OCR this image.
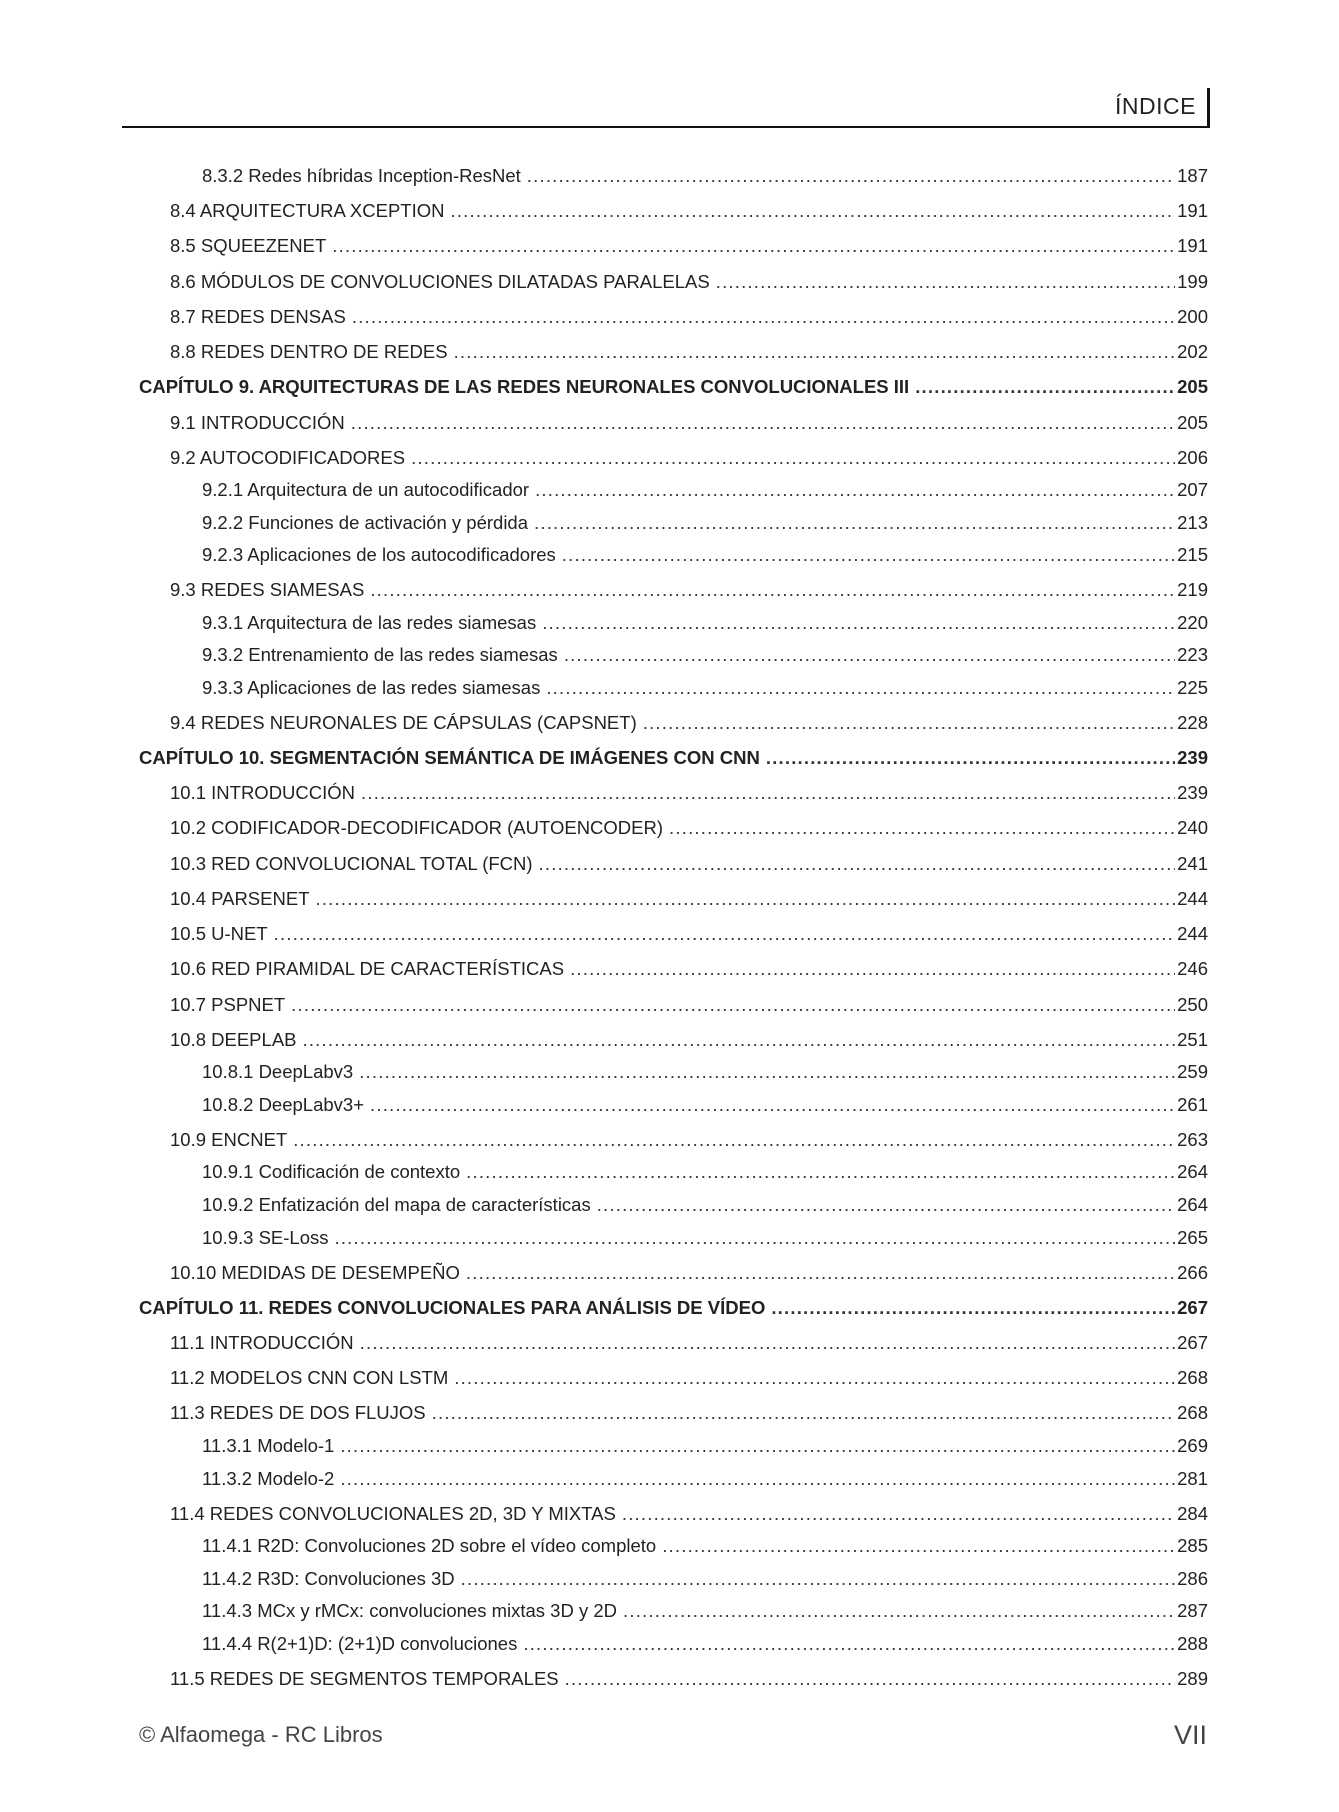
ÍNDICE
8.3.2 Redes híbridas Inception-ResNet .....	187
8.4 ARQUITECTURA XCEPTION .....	191
8.5 SQUEEZENET .....	191
8.6 MÓDULOS DE CONVOLUCIONES DILATADAS PARALELAS .....	199
8.7 REDES DENSAS .....	200
8.8 REDES DENTRO DE REDES .....	202
CAPÍTULO 9. ARQUITECTURAS DE LAS REDES NEURONALES CONVOLUCIONALES III .....	205
9.1 INTRODUCCIÓN .....	205
9.2 AUTOCODIFICADORES .....	206
9.2.1 Arquitectura de un autocodificador .....	207
9.2.2 Funciones de activación y pérdida .....	213
9.2.3 Aplicaciones de los autocodificadores .....	215
9.3 REDES SIAMESAS .....	219
9.3.1 Arquitectura de las redes siamesas .....	220
9.3.2 Entrenamiento de las redes siamesas .....	223
9.3.3 Aplicaciones de las redes siamesas .....	225
9.4 REDES NEURONALES DE CÁPSULAS (CAPSNET) .....	228
CAPÍTULO 10. SEGMENTACIÓN SEMÁNTICA DE IMÁGENES CON CNN .....	239
10.1 INTRODUCCIÓN .....	239
10.2 CODIFICADOR-DECODIFICADOR (AUTOENCODER) .....	240
10.3 RED CONVOLUCIONAL TOTAL (FCN) .....	241
10.4 PARSENET .....	244
10.5 U-NET .....	244
10.6 RED PIRAMIDAL DE CARACTERÍSTICAS .....	246
10.7 PSPNET .....	250
10.8 DEEPLAB .....	251
10.8.1 DeepLabv3 .....	259
10.8.2 DeepLabv3+ .....	261
10.9 ENCNET .....	263
10.9.1 Codificación de contexto .....	264
10.9.2 Enfatización del mapa de características .....	264
10.9.3 SE-Loss .....	265
10.10 MEDIDAS DE DESEMPEÑO .....	266
CAPÍTULO 11. REDES CONVOLUCIONALES PARA ANÁLISIS DE VÍDEO .....	267
11.1 INTRODUCCIÓN .....	267
11.2 MODELOS CNN CON LSTM .....	268
11.3 REDES DE DOS FLUJOS .....	268
11.3.1 Modelo-1 .....	269
11.3.2 Modelo-2 .....	281
11.4 REDES CONVOLUCIONALES 2D, 3D Y MIXTAS .....	284
11.4.1 R2D: Convoluciones 2D sobre el vídeo completo .....	285
11.4.2 R3D: Convoluciones 3D .....	286
11.4.3 MCx y rMCx: convoluciones mixtas 3D y 2D .....	287
11.4.4 R(2+1)D: (2+1)D convoluciones .....	288
11.5 REDES DE SEGMENTOS TEMPORALES .....	289
© Alfaomega - RC Libros	VII
